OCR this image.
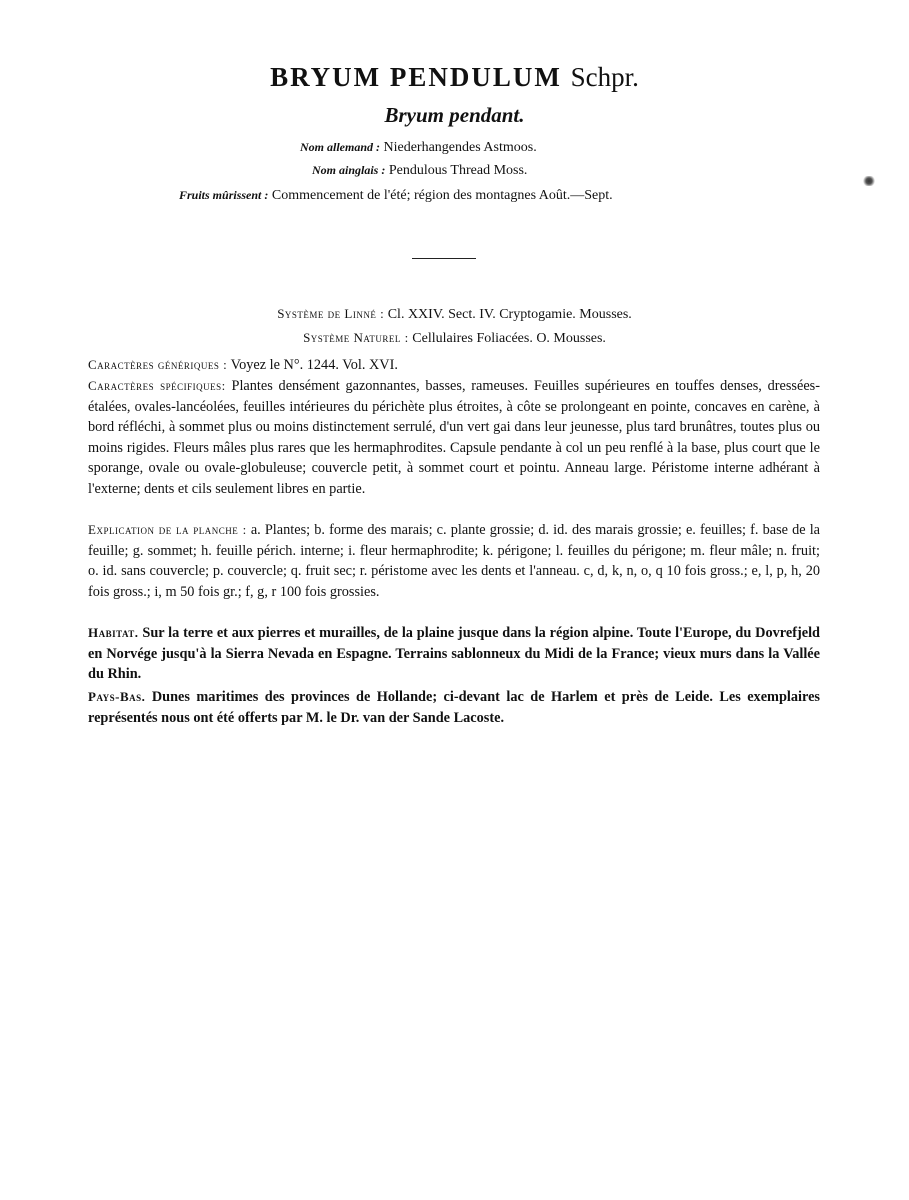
BRYUM PENDULUM Schpr.
Bryum pendant.
Nom allemand : Niederhangendes Astmoos.
Nom ainglais : Pendulous Thread Moss.
Fruits mûrissent : Commencement de l'été; région des montagnes Août.—Sept.
Système de Linné : Cl. XXIV. Sect. IV. Cryptogamie. Mousses.
Système Naturel : Cellulaires Foliacées. O. Mousses.
Caractères génériques : Voyez le N°. 1244. Vol. XVI.
Caractères spécifiques: Plantes densément gazonnantes, basses, rameuses. Feuilles supérieures en touffes denses, dressées-étalées, ovales-lancéolées, feuilles intérieures du périchète plus étroites, à côte se prolongeant en pointe, concaves en carène, à bord réfléchi, à sommet plus ou moins distinctement serrulé, d'un vert gai dans leur jeunesse, plus tard brunâtres, toutes plus ou moins rigides. Fleurs mâles plus rares que les hermaphrodites. Capsule pendante à col un peu renflé à la base, plus court que le sporange, ovale ou ovale-globuleuse; couvercle petit, à sommet court et pointu. Anneau large. Péristome interne adhérant à l'externe; dents et cils seulement libres en partie.
Explication de la planche : a. Plantes; b. forme des marais; c. plante grossie; d. id. des marais grossie; e. feuilles; f. base de la feuille; g. sommet; h. feuille périch. interne; i. fleur hermaphrodite; k. périgone; l. feuilles du périgone; m. fleur mâle; n. fruit; o. id. sans couvercle; p. couvercle; q. fruit sec; r. péristome avec les dents et l'anneau. c, d, k, n, o, q 10 fois gross.; e, l, p, h, 20 fois gross.; i, m 50 fois gr.; f, g, r 100 fois grossies.
Habitat. Sur la terre et aux pierres et murailles, de la plaine jusque dans la région alpine. Toute l'Europe, du Dovrefjeld en Norvége jusqu'à la Sierra Nevada en Espagne. Terrains sablonneux du Midi de la France; vieux murs dans la Vallée du Rhin.
Pays-Bas. Dunes maritimes des provinces de Hollande; ci-devant lac de Harlem et près de Leide. Les exemplaires représentés nous ont été offerts par M. le Dr. van der Sande Lacoste.
